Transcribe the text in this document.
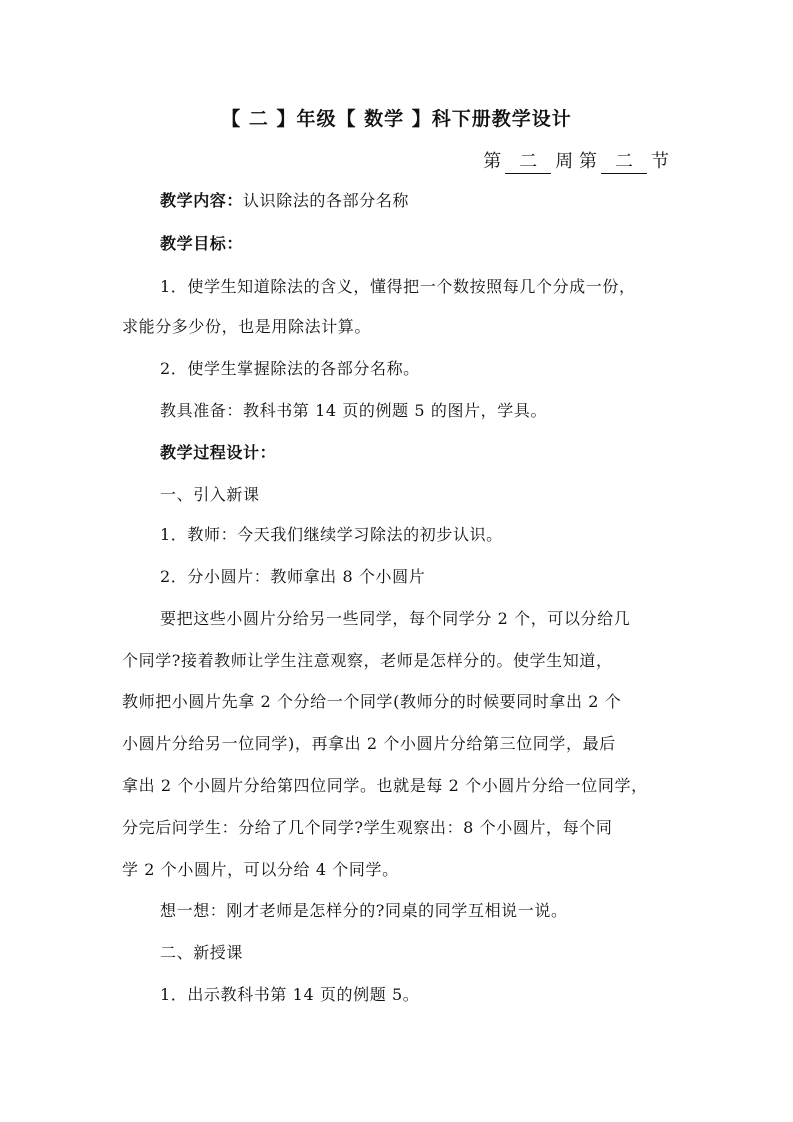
【 二 】年级【 数学 】科下册教学设计
第 二 周 第 二 节
教学内容：认识除法的各部分名称
教学目标：
1．使学生知道除法的含义，懂得把一个数按照每几个分成一份，
求能分多少份，也是用除法计算。
2．使学生掌握除法的各部分名称。
教具准备：教科书第 14 页的例题 5 的图片，学具。
教学过程设计：
一、引入新课
1．教师：今天我们继续学习除法的初步认识。
2．分小圆片：教师拿出 8 个小圆片
要把这些小圆片分给另一些同学，每个同学分 2 个，可以分给几
个同学?接着教师让学生注意观察，老师是怎样分的。使学生知道，
教师把小圆片先拿 2 个分给一个同学(教师分的时候要同时拿出 2 个
小圆片分给另一位同学)，再拿出 2 个小圆片分给第三位同学，最后
拿出 2 个小圆片分给第四位同学。也就是每 2 个小圆片分给一位同学，
分完后问学生：分给了几个同学?学生观察出：8 个小圆片，每个同
学 2 个小圆片，可以分给 4 个同学。
想一想：刚才老师是怎样分的?同桌的同学互相说一说。
二、新授课
1．出示教科书第 14 页的例题 5。
